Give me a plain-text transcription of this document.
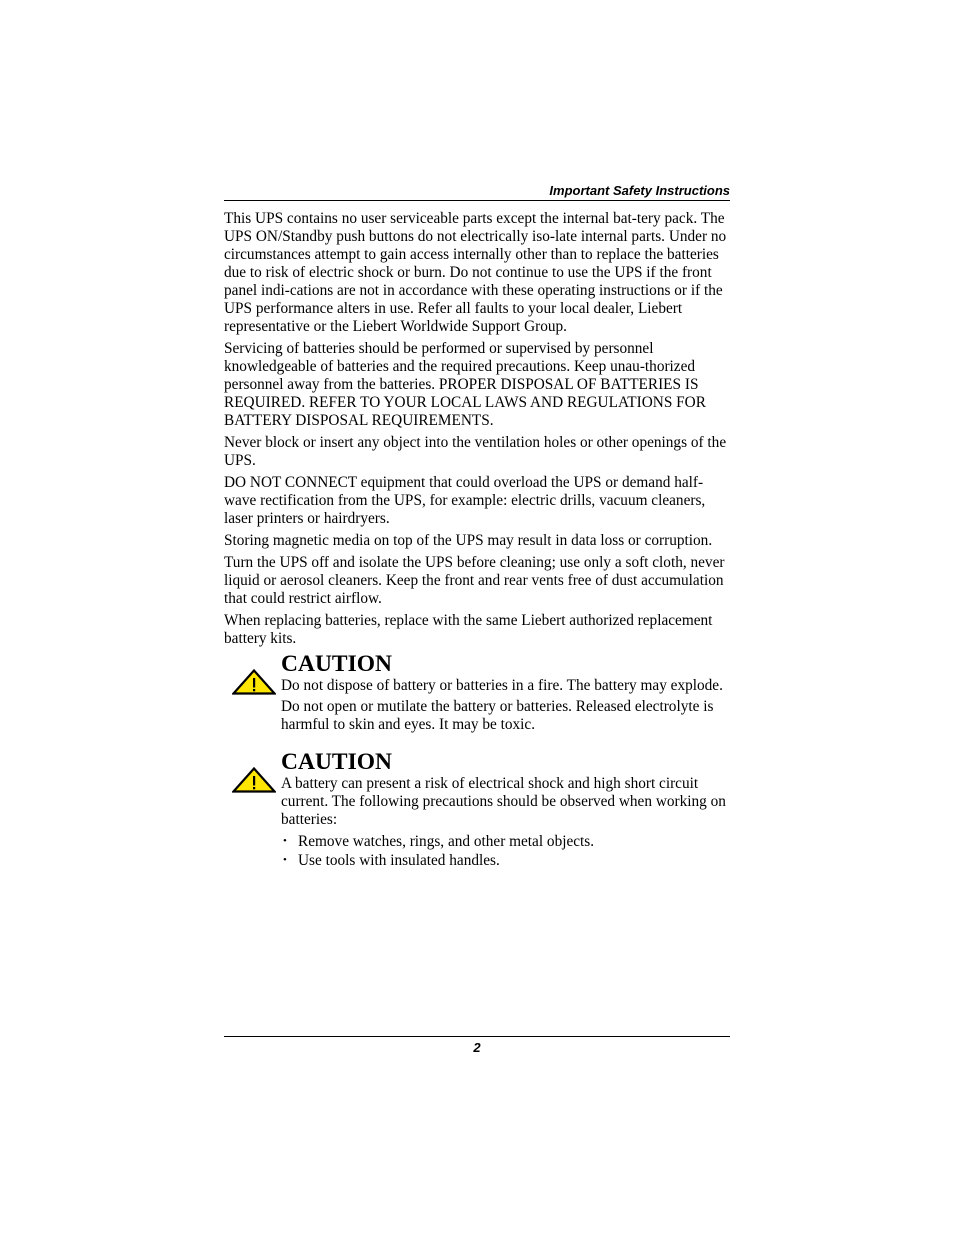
Important Safety Instructions

This UPS contains no user serviceable parts except the internal bat-tery pack. The UPS ON/Standby push buttons do not electrically iso-late internal parts. Under no circumstances attempt to gain access internally other than to replace the batteries due to risk of electric shock or burn. Do not continue to use the UPS if the front panel indi-cations are not in accordance with these operating instructions or if the UPS performance alters in use. Refer all faults to your local dealer, Liebert representative or the Liebert Worldwide Support Group.

Servicing of batteries should be performed or supervised by personnel knowledgeable of batteries and the required precautions. Keep unau-thorized personnel away from the batteries. PROPER DISPOSAL OF BATTERIES IS REQUIRED. REFER TO YOUR LOCAL LAWS AND REGULATIONS FOR BATTERY DISPOSAL REQUIREMENTS.

Never block or insert any object into the ventilation holes or other openings of the UPS.

DO NOT CONNECT equipment that could overload the UPS or demand half-wave rectification from the UPS, for example: electric drills, vacuum cleaners, laser printers or hairdryers.

Storing magnetic media on top of the UPS may result in data loss or corruption.

Turn the UPS off and isolate the UPS before cleaning; use only a soft cloth, never liquid or aerosol cleaners. Keep the front and rear vents free of dust accumulation that could restrict airflow.

When replacing batteries, replace with the same Liebert authorized replacement battery kits.

CAUTION

Do not dispose of battery or batteries in a fire. The battery may explode.

Do not open or mutilate the battery or batteries. Released electrolyte is harmful to skin and eyes. It may be toxic.

CAUTION

A battery can present a risk of electrical shock and high short circuit current. The following precautions should be observed when working on batteries:

• Remove watches, rings, and other metal objects.
• Use tools with insulated handles.
2
